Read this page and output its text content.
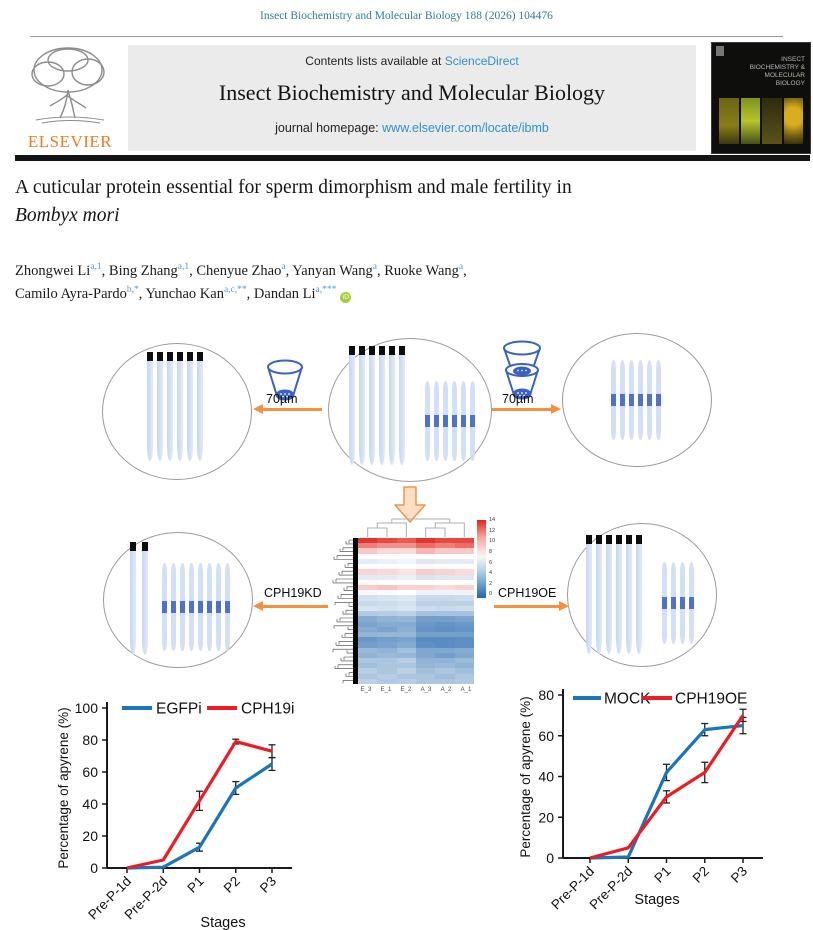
Insect Biochemistry and Molecular Biology 188 (2026) 104476
ELSEVIER
Contents lists available at ScienceDirect
Insect Biochemistry and Molecular Biology
journal homepage: www.elsevier.com/locate/ibmb
INSECT BIOCHEMISTRY & MOLECULAR BIOLOGY
A cuticular protein essential for sperm dimorphism and male fertility in
Bombyx mori
Zhongwei Li$^{a,1}$, Bing Zhang$^{a,1}$, Chenyue Zhao$^a$, Yanyan Wang$^a$, Ruoke Wang$^a$,
Camilo Ayra-Pardo$^{b,*}$, Yunchao Kan$^{a,c,**}$, Dandan $Li^{a,***}iD$
70µm	70µm
E_3	E_1	E_2	A_3	A_2	A_1
14
12
10
8
6
4
2
0
CPH19KD	CPH19OE
0
20
40
60
80
100
Pre-P-1d
Pre-P-2d P1 P2 P3
EGFPi	CPH19i
Percentage of apyrene (%)
Stages
0
20
40
60
80
Pre-P-1d
Pre-P-2d P1 P2 P3
MOCK CPH19OE
Percentage of apyrene (%)
Stages
